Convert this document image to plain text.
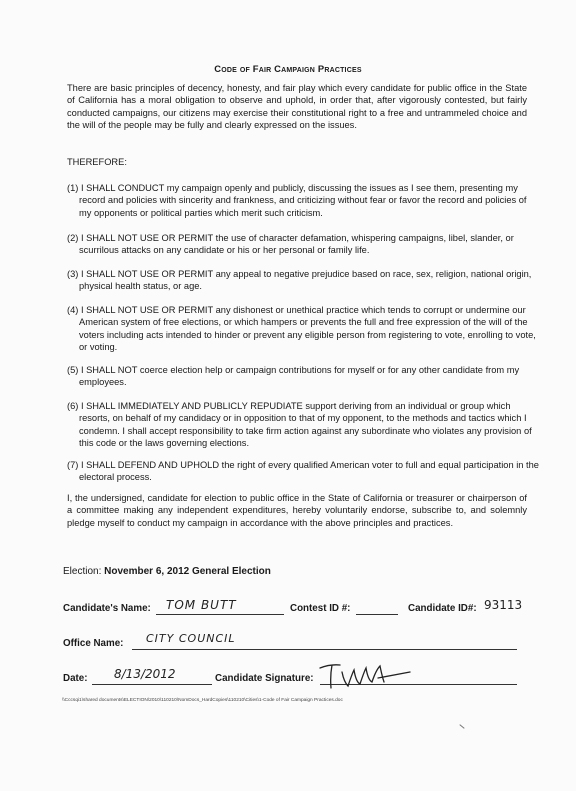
Code of Fair Campaign Practices
There are basic principles of decency, honesty, and fair play which every candidate for public office in the State of California has a moral obligation to observe and uphold, in order that, after vigorously contested, but fairly conducted campaigns, our citizens may exercise their constitutional right to a free and untrammeled choice and the will of the people may be fully and clearly expressed on the issues.
THEREFORE:
(1) I SHALL CONDUCT my campaign openly and publicly, discussing the issues as I see them, presenting my record and policies with sincerity and frankness, and criticizing without fear or favor the record and policies of my opponents or political parties which merit such criticism.
(2) I SHALL NOT USE OR PERMIT the use of character defamation, whispering campaigns, libel, slander, or scurrilous attacks on any candidate or his or her personal or family life.
(3) I SHALL NOT USE OR PERMIT any appeal to negative prejudice based on race, sex, religion, national origin, physical health status, or age.
(4) I SHALL NOT USE OR PERMIT any dishonest or unethical practice which tends to corrupt or undermine our American system of free elections, or which hampers or prevents the full and free expression of the will of the voters including acts intended to hinder or prevent any eligible person from registering to vote, enrolling to vote, or voting.
(5) I SHALL NOT coerce election help or campaign contributions for myself or for any other candidate from my employees.
(6) I SHALL IMMEDIATELY AND PUBLICLY REPUDIATE support deriving from an individual or group which resorts, on behalf of my candidacy or in opposition to that of my opponent, to the methods and tactics which I condemn. I shall accept responsibility to take firm action against any subordinate who violates any provision of this code or the laws governing elections.
(7) I SHALL DEFEND AND UPHOLD the right of every qualified American voter to full and equal participation in the electoral process.
I, the undersigned, candidate for election to public office in the State of California or treasurer or chairperson of a committee making any independent expenditures, hereby voluntarily endorse, subscribe to, and solemnly pledge myself to conduct my campaign in accordance with the above principles and practices.
Election: November 6, 2012 General Election
Candidate's Name: TOM BUTT	Contest ID #:	Candidate ID#: 93113
Office Name: CITY COUNCIL
Date: 8/13/2012	Candidate Signature:
\\Cccsqi1\shared documents\ELECTION\2010\110210\NomDocs_HardCopies\110210\Cities\1-Code of Fair Campaign Practices.doc
